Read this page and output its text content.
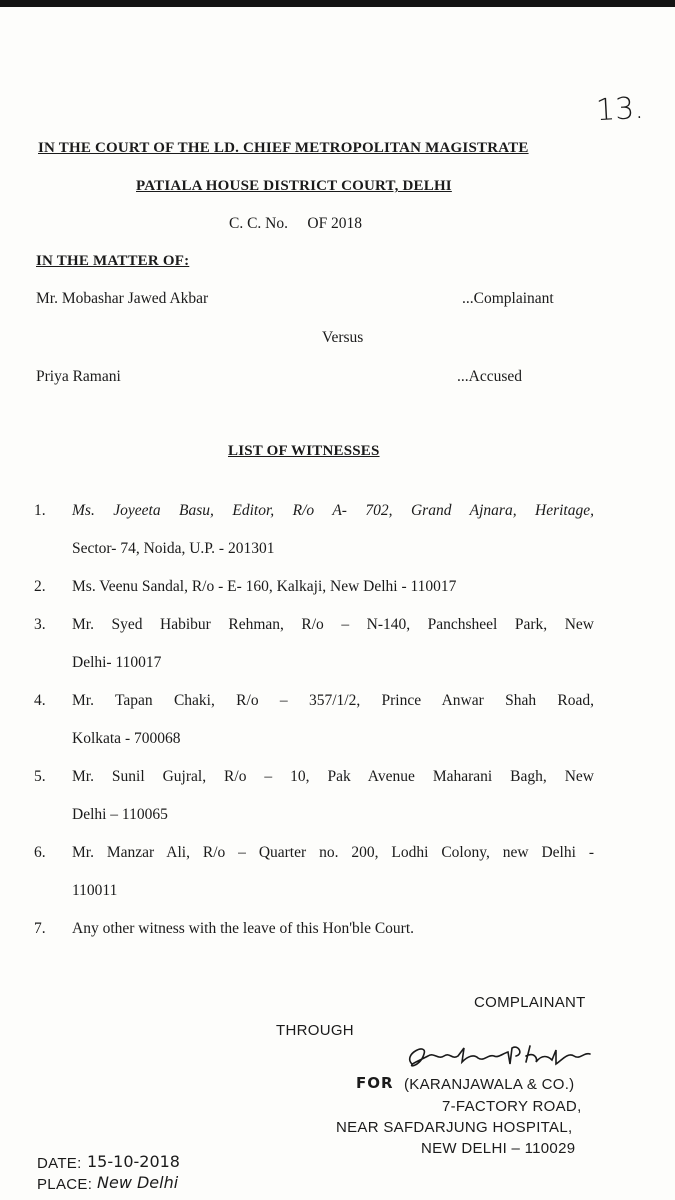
13.
IN THE COURT OF THE LD. CHIEF METROPOLITAN MAGISTRATE
PATIALA HOUSE DISTRICT COURT, DELHI
C. C. No.     OF 2018
IN THE MATTER OF:
Mr. Mobashar Jawed Akbar	...Complainant
Versus
Priya Ramani	...Accused
LIST OF WITNESSES
1.	Ms. Joyeeta Basu, Editor, R/o A- 702, Grand Ajnara, Heritage,
Sector- 74, Noida, U.P. - 201301
2.	Ms. Veenu Sandal, R/o - E- 160, Kalkaji, New Delhi - 110017
3.	Mr. Syed Habibur Rehman, R/o – N-140, Panchsheel Park, New
Delhi- 110017
4.	Mr. Tapan Chaki, R/o – 357/1/2, Prince Anwar Shah Road,
Kolkata - 700068
5.	Mr. Sunil Gujral, R/o – 10, Pak Avenue Maharani Bagh, New
Delhi – 110065
6.	Mr. Manzar Ali, R/o – Quarter no. 200, Lodhi Colony, new Delhi -
110011
7.	Any other witness with the leave of this Hon'ble Court.
COMPLAINANT
THROUGH
FOR (KARANJAWALA & CO.)
7-FACTORY ROAD,
NEAR SAFDARJUNG HOSPITAL,
NEW DELHI – 110029
DATE: 15-10-2018
PLACE: New Delhi
